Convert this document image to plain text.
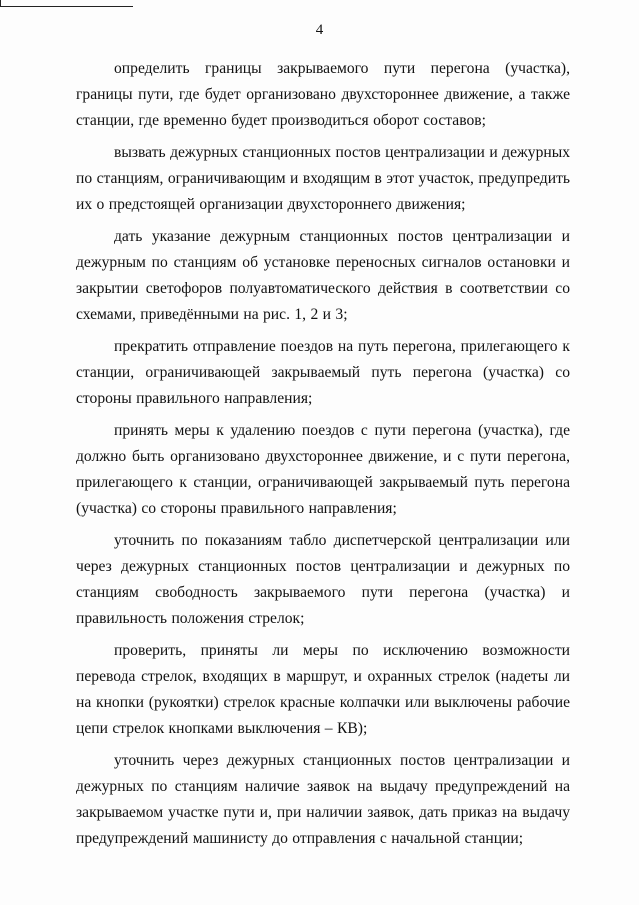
4

определить границы закрываемого пути перегона (участка), границы пути, где будет организовано двухстороннее движение, а также станции, где временно будет производиться оборот составов;

вызвать дежурных станционных постов централизации и дежурных по станциям, ограничивающим и входящим в этот участок, предупредить их о предстоящей организации двухстороннего движения;

дать указание дежурным станционных постов централизации и дежурным по станциям об установке переносных сигналов остановки и закрытии светофоров полуавтоматического действия в соответствии со схемами, приведёнными на рис. 1, 2 и 3;

прекратить отправление поездов на путь перегона, прилегающего к станции, ограничивающей закрываемый путь перегона (участка) со стороны правильного направления;

принять меры к удалению поездов с пути перегона (участка), где должно быть организовано двухстороннее движение, и с пути перегона, прилегающего к станции, ограничивающей закрываемый путь перегона (участка) со стороны правильного направления;

уточнить по показаниям табло диспетчерской централизации или через дежурных станционных постов централизации и дежурных по станциям свободность закрываемого пути перегона (участка) и правильность положения стрелок;

проверить, приняты ли меры по исключению возможности перевода стрелок, входящих в маршрут, и охранных стрелок (надеты ли на кнопки (рукоятки) стрелок красные колпачки или выключены рабочие цепи стрелок кнопками выключения – КВ);

уточнить через дежурных станционных постов централизации и дежурных по станциям наличие заявок на выдачу предупреждений на закрываемом участке пути и, при наличии заявок, дать приказ на выдачу предупреждений машинисту до отправления с начальной станции;
